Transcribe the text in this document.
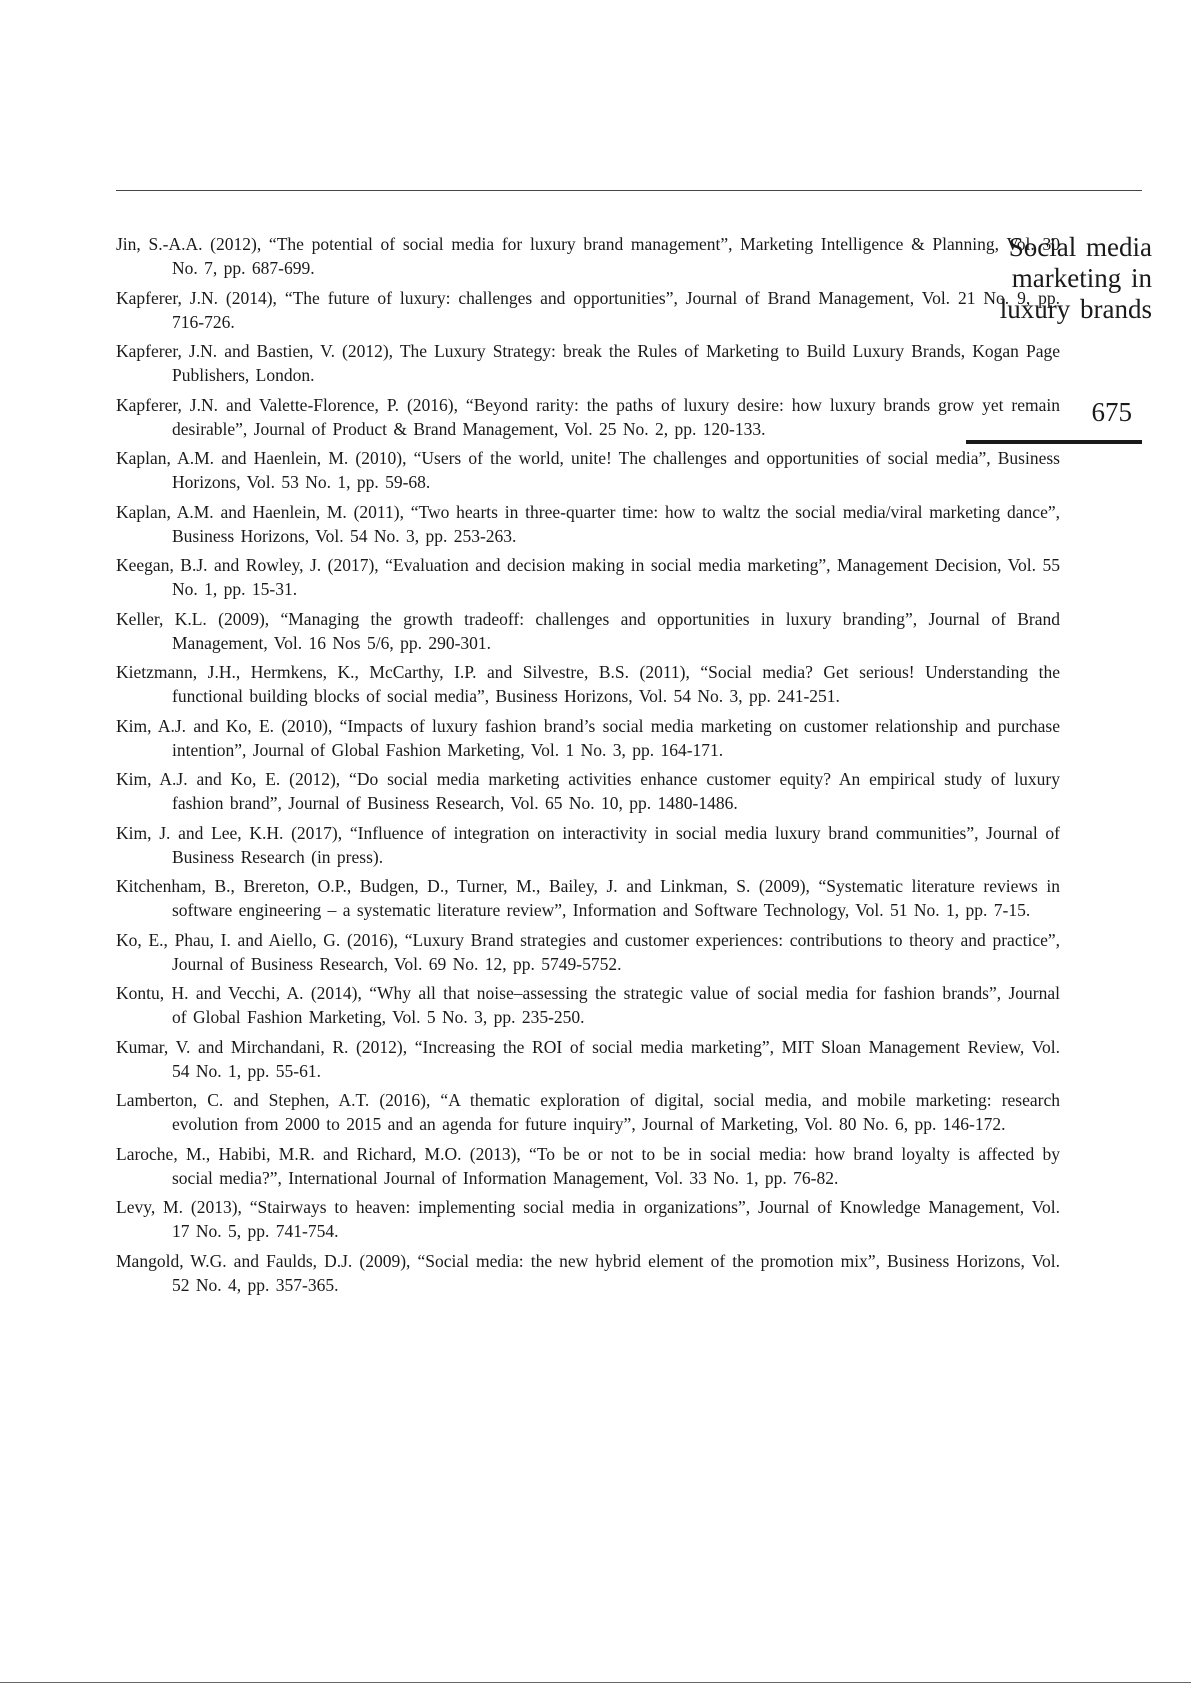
Social media marketing in luxury brands
675
Jin, S.-A.A. (2012), “The potential of social media for luxury brand management”, Marketing Intelligence & Planning, Vol. 30 No. 7, pp. 687-699.
Kapferer, J.N. (2014), “The future of luxury: challenges and opportunities”, Journal of Brand Management, Vol. 21 No. 9, pp. 716-726.
Kapferer, J.N. and Bastien, V. (2012), The Luxury Strategy: break the Rules of Marketing to Build Luxury Brands, Kogan Page Publishers, London.
Kapferer, J.N. and Valette-Florence, P. (2016), “Beyond rarity: the paths of luxury desire: how luxury brands grow yet remain desirable”, Journal of Product & Brand Management, Vol. 25 No. 2, pp. 120-133.
Kaplan, A.M. and Haenlein, M. (2010), “Users of the world, unite! The challenges and opportunities of social media”, Business Horizons, Vol. 53 No. 1, pp. 59-68.
Kaplan, A.M. and Haenlein, M. (2011), “Two hearts in three-quarter time: how to waltz the social media/viral marketing dance”, Business Horizons, Vol. 54 No. 3, pp. 253-263.
Keegan, B.J. and Rowley, J. (2017), “Evaluation and decision making in social media marketing”, Management Decision, Vol. 55 No. 1, pp. 15-31.
Keller, K.L. (2009), “Managing the growth tradeoff: challenges and opportunities in luxury branding”, Journal of Brand Management, Vol. 16 Nos 5/6, pp. 290-301.
Kietzmann, J.H., Hermkens, K., McCarthy, I.P. and Silvestre, B.S. (2011), “Social media? Get serious! Understanding the functional building blocks of social media”, Business Horizons, Vol. 54 No. 3, pp. 241-251.
Kim, A.J. and Ko, E. (2010), “Impacts of luxury fashion brand’s social media marketing on customer relationship and purchase intention”, Journal of Global Fashion Marketing, Vol. 1 No. 3, pp. 164-171.
Kim, A.J. and Ko, E. (2012), “Do social media marketing activities enhance customer equity? An empirical study of luxury fashion brand”, Journal of Business Research, Vol. 65 No. 10, pp. 1480-1486.
Kim, J. and Lee, K.H. (2017), “Influence of integration on interactivity in social media luxury brand communities”, Journal of Business Research (in press).
Kitchenham, B., Brereton, O.P., Budgen, D., Turner, M., Bailey, J. and Linkman, S. (2009), “Systematic literature reviews in software engineering – a systematic literature review”, Information and Software Technology, Vol. 51 No. 1, pp. 7-15.
Ko, E., Phau, I. and Aiello, G. (2016), “Luxury Brand strategies and customer experiences: contributions to theory and practice”, Journal of Business Research, Vol. 69 No. 12, pp. 5749-5752.
Kontu, H. and Vecchi, A. (2014), “Why all that noise–assessing the strategic value of social media for fashion brands”, Journal of Global Fashion Marketing, Vol. 5 No. 3, pp. 235-250.
Kumar, V. and Mirchandani, R. (2012), “Increasing the ROI of social media marketing”, MIT Sloan Management Review, Vol. 54 No. 1, pp. 55-61.
Lamberton, C. and Stephen, A.T. (2016), “A thematic exploration of digital, social media, and mobile marketing: research evolution from 2000 to 2015 and an agenda for future inquiry”, Journal of Marketing, Vol. 80 No. 6, pp. 146-172.
Laroche, M., Habibi, M.R. and Richard, M.O. (2013), “To be or not to be in social media: how brand loyalty is affected by social media?”, International Journal of Information Management, Vol. 33 No. 1, pp. 76-82.
Levy, M. (2013), “Stairways to heaven: implementing social media in organizations”, Journal of Knowledge Management, Vol. 17 No. 5, pp. 741-754.
Mangold, W.G. and Faulds, D.J. (2009), “Social media: the new hybrid element of the promotion mix”, Business Horizons, Vol. 52 No. 4, pp. 357-365.
